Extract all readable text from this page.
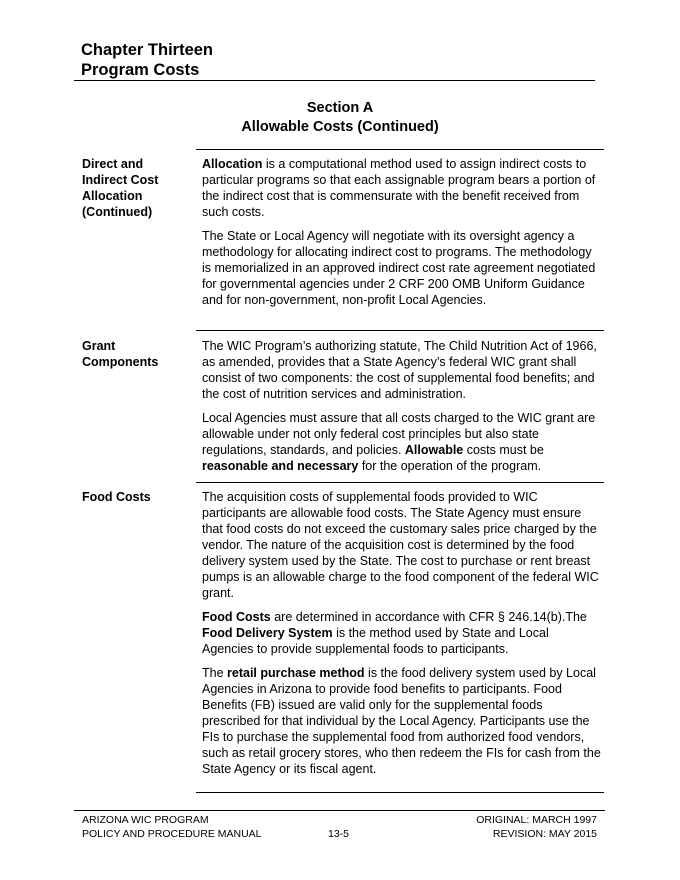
Chapter Thirteen
Program Costs
Section A
Allowable Costs (Continued)
Direct and
Indirect Cost
Allocation
(Continued)

Allocation is a computational method used to assign indirect costs to particular programs so that each assignable program bears a portion of the indirect cost that is commensurate with the benefit received from such costs.

The State or Local Agency will negotiate with its oversight agency a methodology for allocating indirect cost to programs. The methodology is memorialized in an approved indirect cost rate agreement negotiated for governmental agencies under 2 CRF 200 OMB Uniform Guidance and for non-government, non-profit Local Agencies.

Grant
Components

The WIC Program’s authorizing statute, The Child Nutrition Act of 1966, as amended, provides that a State Agency’s federal WIC grant shall consist of two components: the cost of supplemental food benefits; and the cost of nutrition services and administration.

Local Agencies must assure that all costs charged to the WIC grant are allowable under not only federal cost principles but also state regulations, standards, and policies. Allowable costs must be reasonable and necessary for the operation of the program.

Food Costs	The acquisition costs of supplemental foods provided to WIC participants are allowable food costs. The State Agency must ensure that food costs do not exceed the customary sales price charged by the vendor. The nature of the acquisition cost is determined by the food delivery system used by the State. The cost to purchase or rent breast pumps is an allowable charge to the food component of the federal WIC grant.

Food Costs are determined in accordance with CFR § 246.14(b).The Food Delivery System is the method used by State and Local Agencies to provide supplemental foods to participants.

The retail purchase method is the food delivery system used by Local Agencies in Arizona to provide food benefits to participants. Food Benefits (FB) issued are valid only for the supplemental foods prescribed for that individual by the Local Agency. Participants use the FIs to purchase the supplemental food from authorized food vendors, such as retail grocery stores, who then redeem the FIs for cash from the State Agency or its fiscal agent.

ARIZONA WIC PROGRAM
POLICY AND PROCEDURE MANUAL	13-5
ORIGINAL: MARCH 1997
REVISION: MAY 2015
